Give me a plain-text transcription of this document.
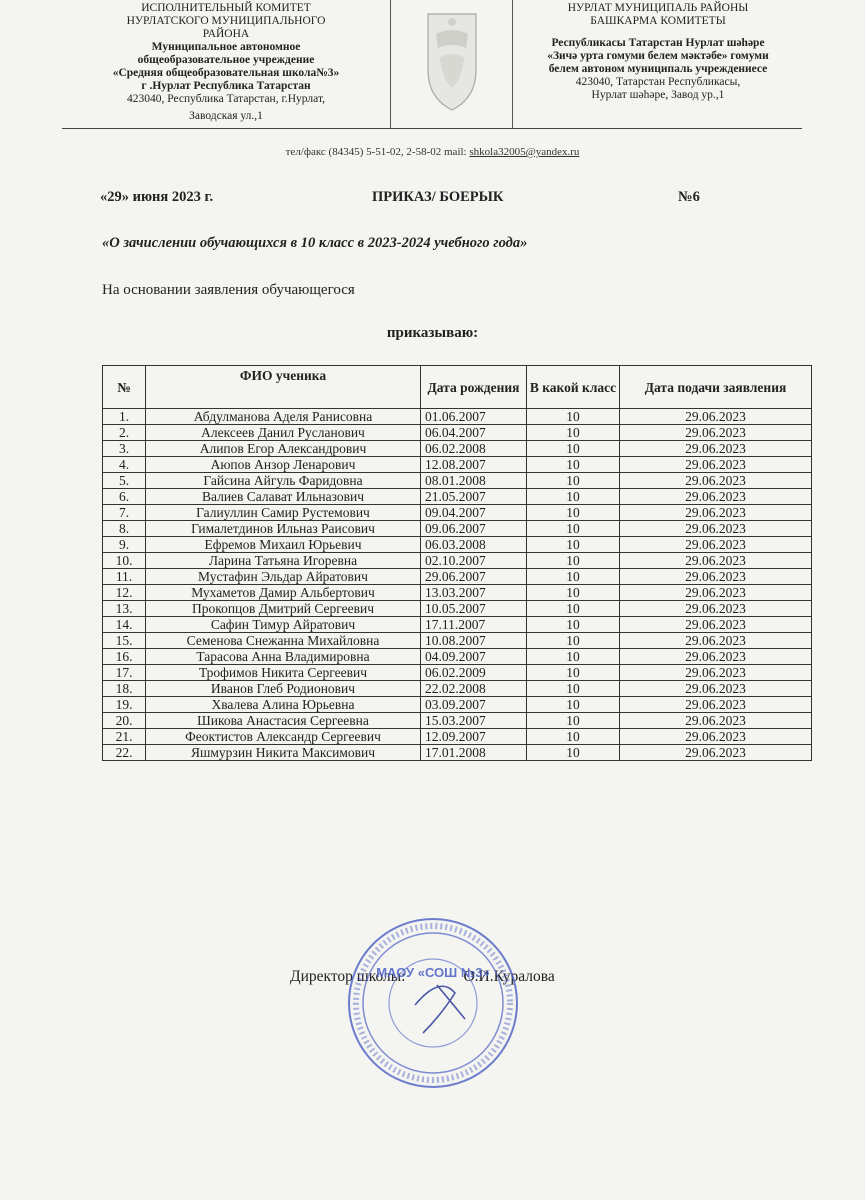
ИСПОЛНИТЕЛЬНЫЙ КОМИТЕТ
НУРЛАТСКОГО МУНИЦИПАЛЬНОГО
РАЙОНА
Муниципальное автономное
общеобразовательное учреждение
«Средняя общеобразовательная школа№3»
г .Нурлат Республика Татарстан
423040, Республика Татарстан, г.Нурлат,
Заводская ул.,1
НУРЛАТ МУНИЦИПАЛЬ РАЙОНЫ
БАШКАРМА КОМИТЕТЫ
Республикасы Татарстан Нурлат шәһәре
«Зичә урта гомуми белем мәктәбе» гомуми
белем автоном муниципаль учреждениесе
423040, Татарстан Республикасы,
Нурлат шәһәре, Завод ур.,1
тел/факс (84345) 5-51-02, 2-58-02 mail: shkola32005@yandex.ru
«29» июня 2023 г.	ПРИКАЗ/ БОЕРЫК	№6
«О зачислении обучающихся в 10 класс в 2023-2024 учебного года»
На основании заявления обучающегося
приказываю:
№	ФИО ученика	Дата рождения	В какой класс	Дата подачи заявления
1.	Абдулманова Аделя Ранисовна	01.06.2007	10	29.06.2023
2.	Алексеев Данил Русланович	06.04.2007	10	29.06.2023
3.	Алипов Егор Александрович	06.02.2008	10	29.06.2023
4.	Аюпов Анзор Ленарович	12.08.2007	10	29.06.2023
5.	Гайсина Айгуль Фаридовна	08.01.2008	10	29.06.2023
6.	Валиев Салават Ильназович	21.05.2007	10	29.06.2023
7.	Галиуллин Самир Рустемович	09.04.2007	10	29.06.2023
8.	Гималетдинов Ильназ Раисович	09.06.2007	10	29.06.2023
9.	Ефремов Михаил Юрьевич	06.03.2008	10	29.06.2023
10.	Ларина Татьяна Игоревна	02.10.2007	10	29.06.2023
11.	Мустафин Эльдар Айратович	29.06.2007	10	29.06.2023
12.	Мухаметов Дамир Альбертович	13.03.2007	10	29.06.2023
13.	Прокопцов Дмитрий Сергеевич	10.05.2007	10	29.06.2023
14.	Сафин Тимур Айратович	17.11.2007	10	29.06.2023
15.	Семенова Снежанна Михайловна	10.08.2007	10	29.06.2023
16.	Тарасова Анна Владимировна	04.09.2007	10	29.06.2023
17.	Трофимов Никита Сергеевич	06.02.2009	10	29.06.2023
18.	Иванов Глеб Родионович	22.02.2008	10	29.06.2023
19.	Хвалева Алина Юрьевна	03.09.2007	10	29.06.2023
20.	Шикова Анастасия Сергеевна	15.03.2007	10	29.06.2023
21.	Феоктистов Александр Сергеевич	12.09.2007	10	29.06.2023
22.	Яшмурзин Никита Максимович	17.01.2008	10	29.06.2023
Директор школы:	О.И.Куралова
МАОУ «СОШ №3»
